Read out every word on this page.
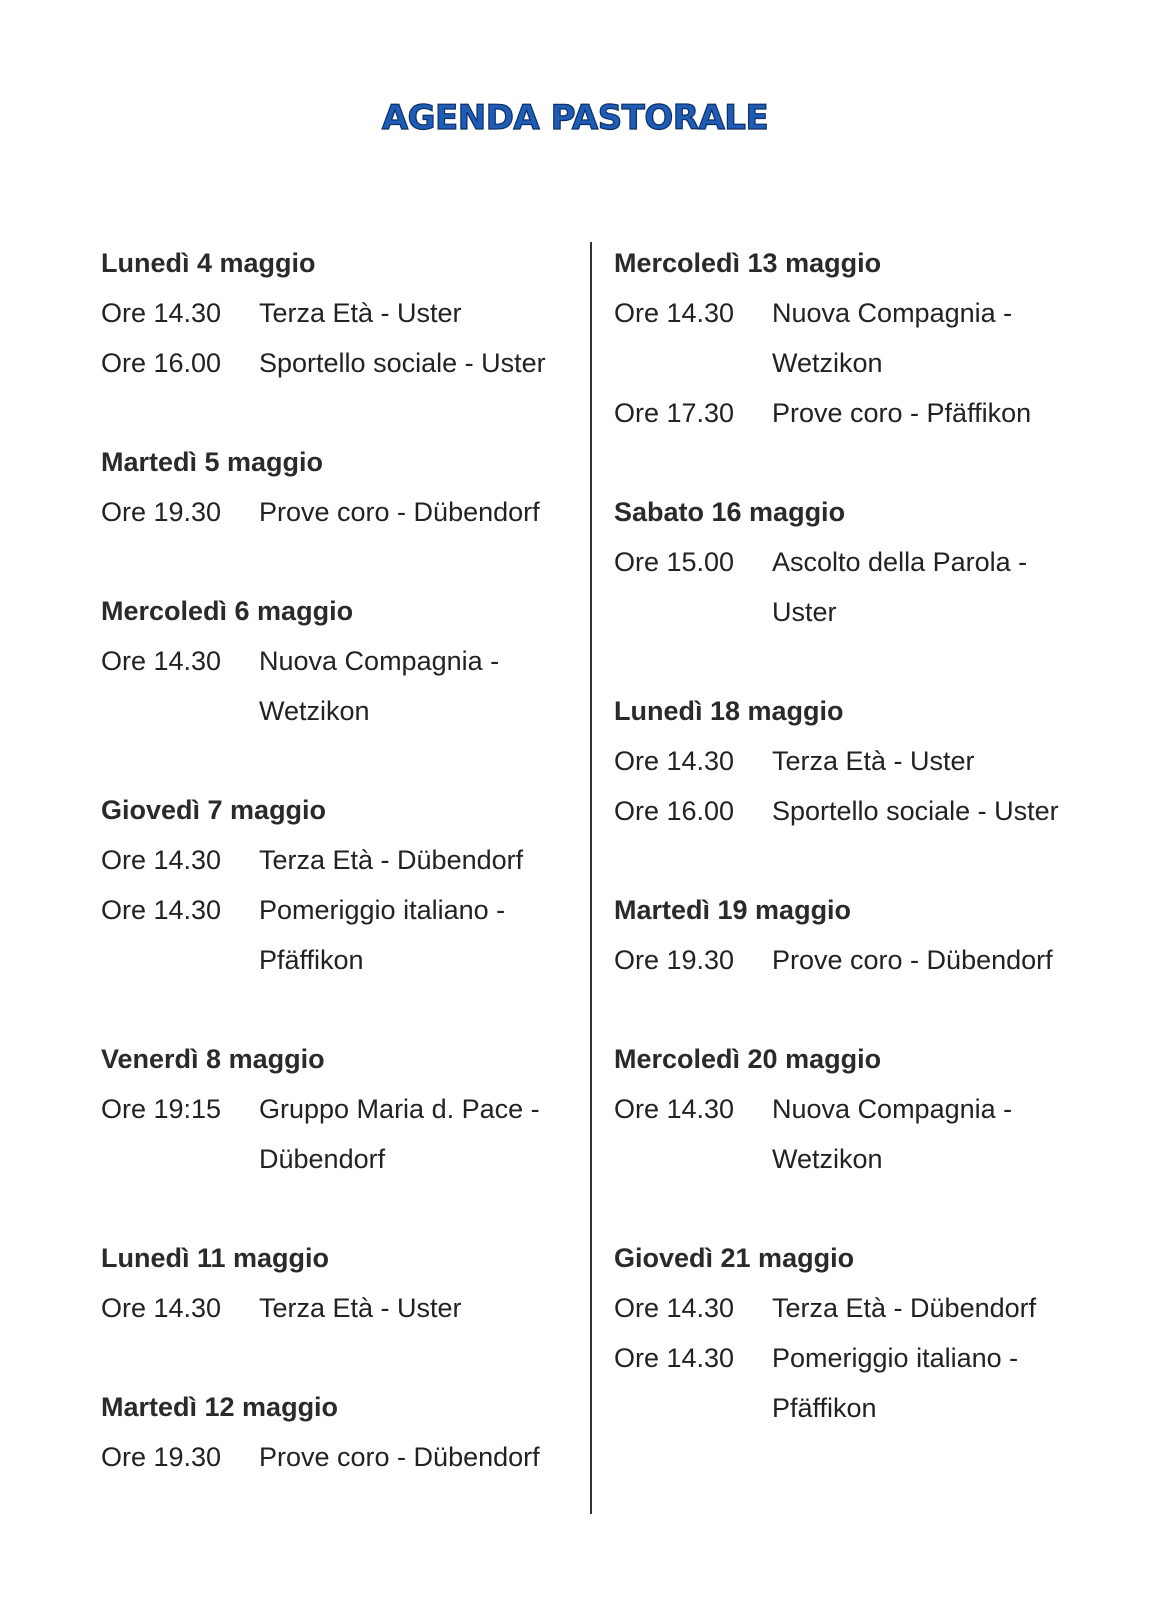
AGENDA PASTORALE
Lunedì 4 maggio
Ore 14.30	Terza Età - Uster
Ore 16.00	Sportello sociale - Uster
Martedì 5 maggio
Ore 19.30	Prove coro - Dübendorf
Mercoledì 6 maggio
Ore 14.30	Nuova Compagnia - Wetzikon
Giovedì 7 maggio
Ore 14.30	Terza Età - Dübendorf
Ore 14.30	Pomeriggio italiano - Pfäffikon
Venerdì 8 maggio
Ore 19:15	Gruppo Maria d. Pace - Dübendorf
Lunedì 11 maggio
Ore 14.30	Terza Età - Uster
Martedì 12 maggio
Ore 19.30	Prove coro - Dübendorf
Mercoledì 13 maggio
Ore 14.30	Nuova Compagnia - Wetzikon
Ore 17.30	Prove coro - Pfäffikon
Sabato 16 maggio
Ore 15.00	Ascolto della Parola - Uster
Lunedì 18 maggio
Ore 14.30	Terza Età - Uster
Ore 16.00	Sportello sociale - Uster
Martedì 19 maggio
Ore 19.30	Prove coro - Dübendorf
Mercoledì 20 maggio
Ore 14.30	Nuova Compagnia - Wetzikon
Giovedì 21 maggio
Ore 14.30	Terza Età - Dübendorf
Ore 14.30	Pomeriggio italiano - Pfäffikon
